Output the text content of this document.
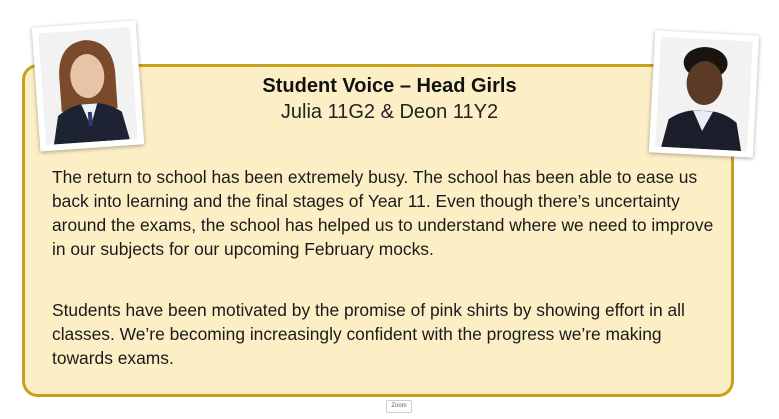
Student Voice – Head Girls
Julia 11G2 & Deon 11Y2

The return to school has been extremely busy. The school has been able to ease us back into learning and the final stages of Year 11. Even though there’s uncertainty around the exams, the school has helped us to understand where we need to improve in our subjects for our upcoming February mocks.

Students have been motivated by the promise of pink shirts by showing effort in all classes. We’re becoming increasingly confident with the progress we’re making towards exams.

Zoom
